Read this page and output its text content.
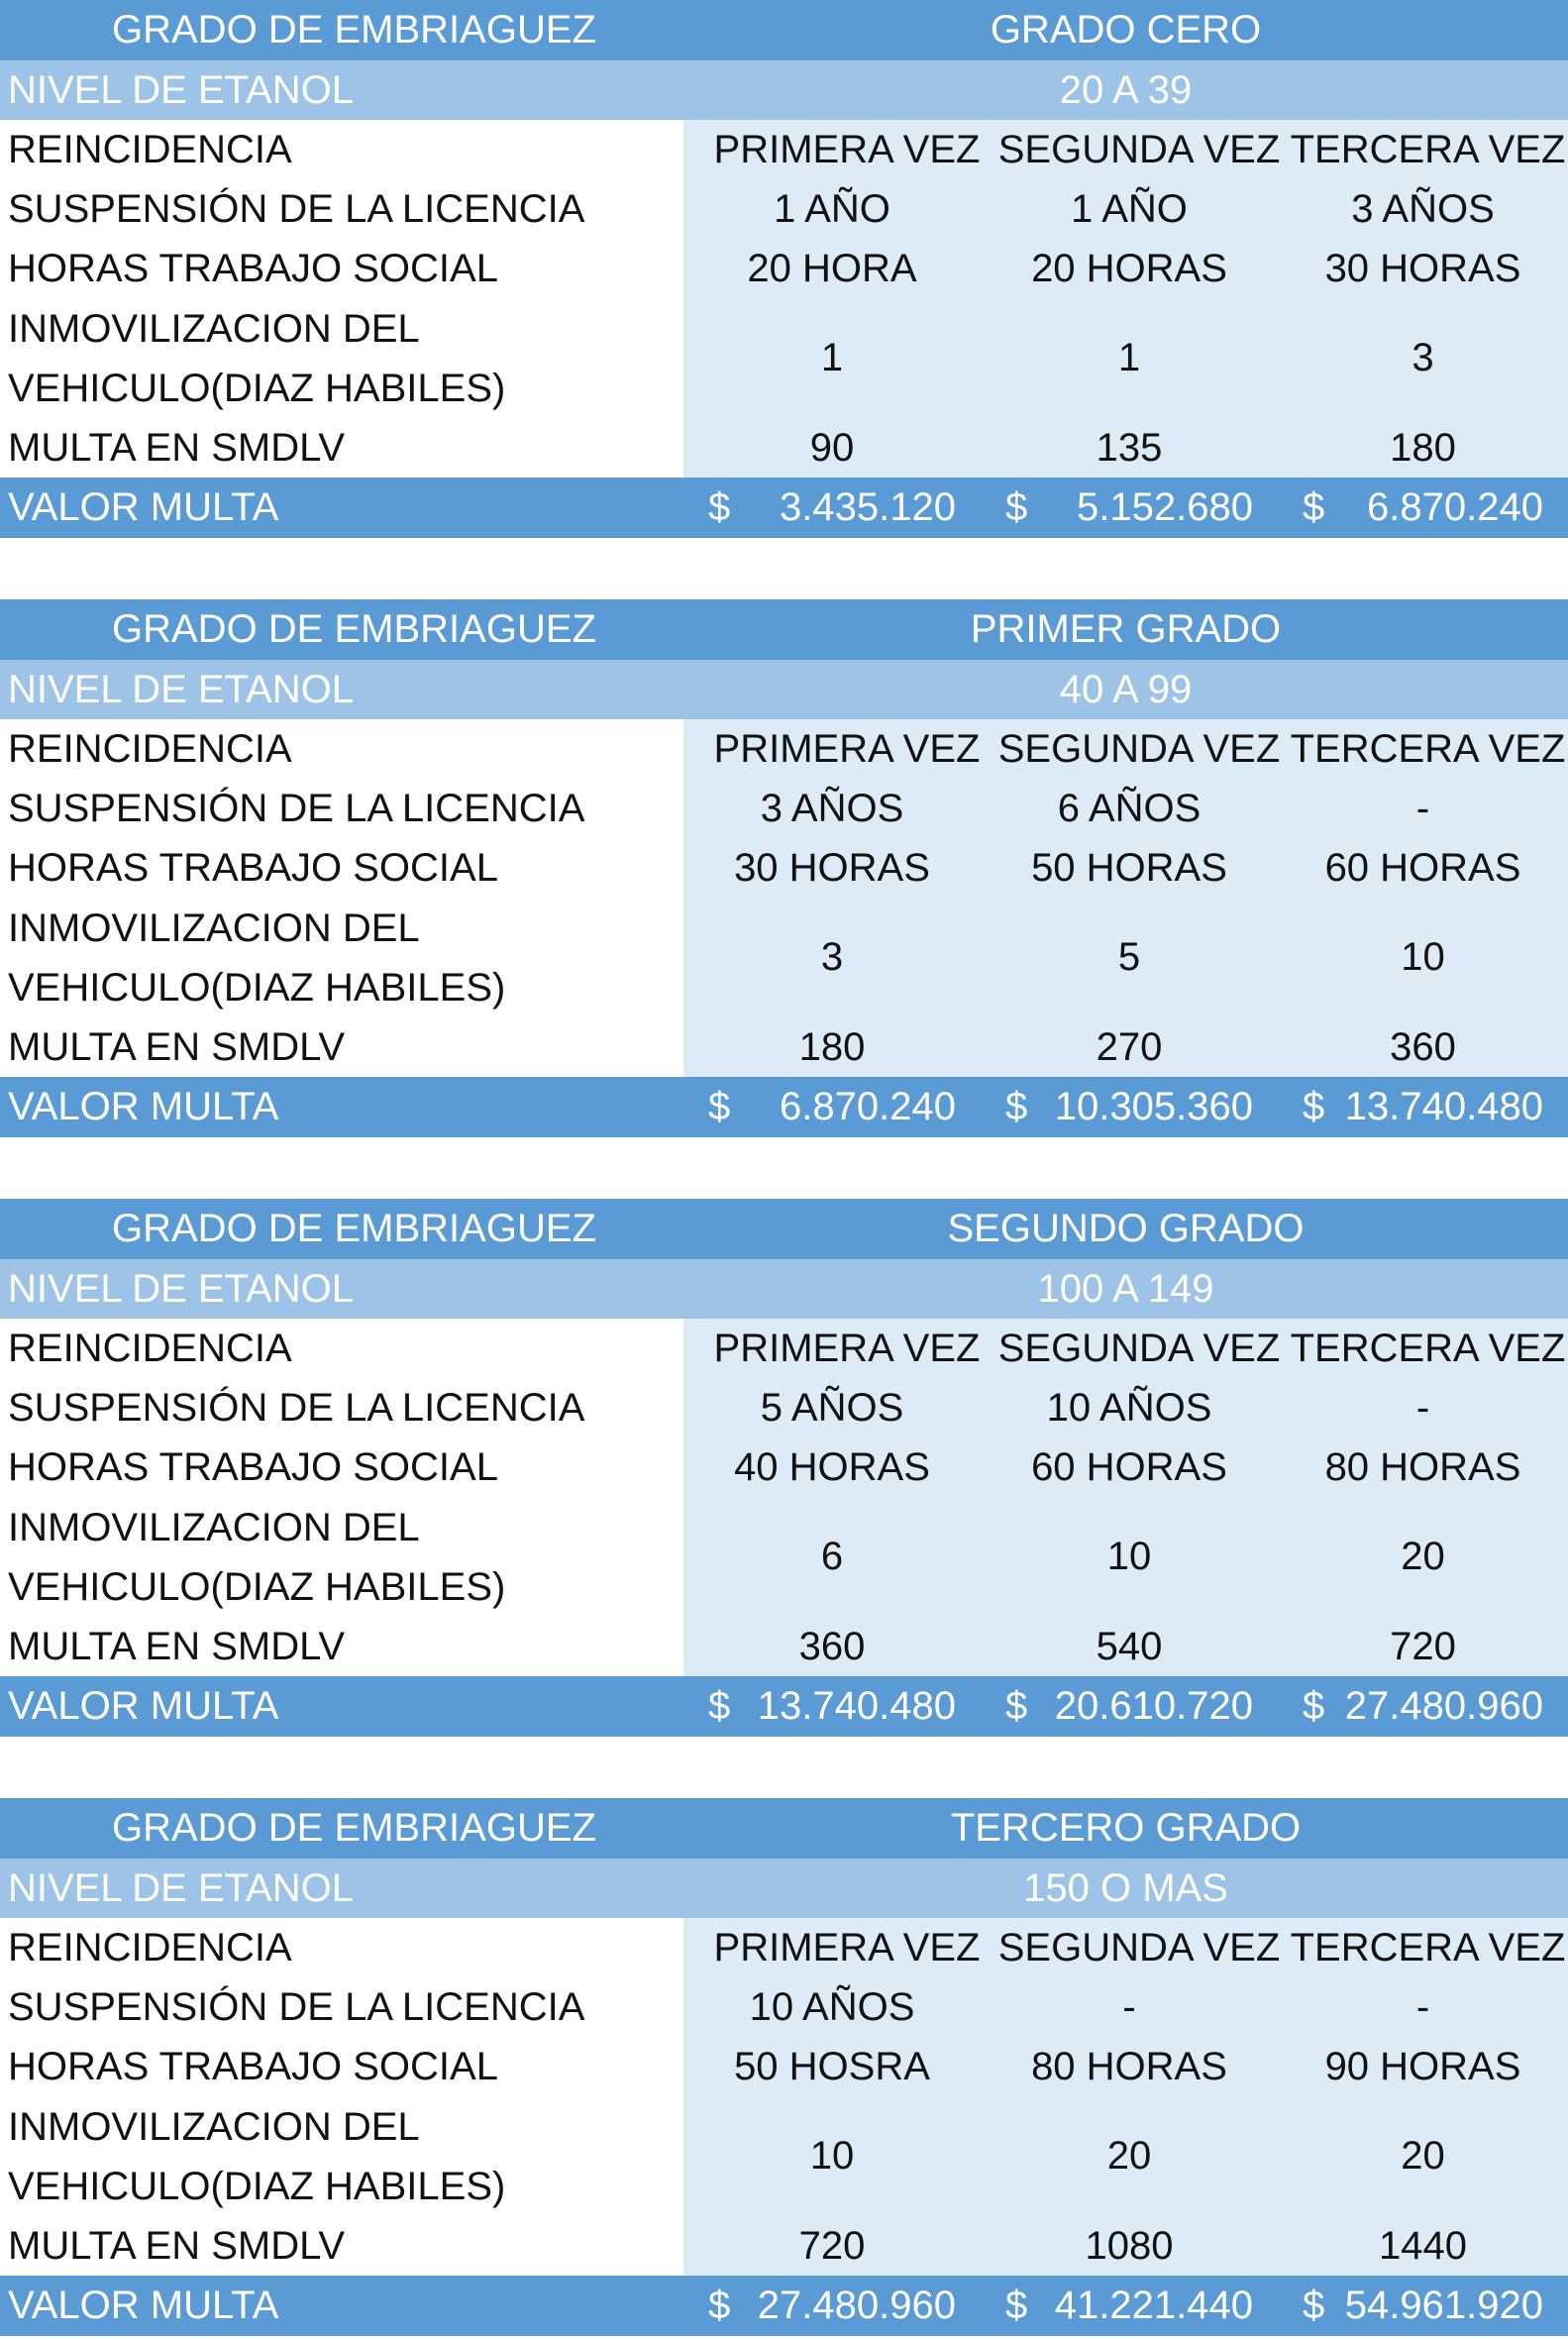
GRADO DE EMBRIAGUEZ	GRADO CERO
NIVEL DE ETANOL	20 A 39
REINCIDENCIA	PRIMERA VEZ SEGUNDA VEZ TERCERA VEZ
SUSPENSIÓN DE LA LICENCIA	1 AÑO	1 AÑO	3 AÑOS
HORAS TRABAJO SOCIAL	20 HORA	20 HORAS	30 HORAS
INMOVILIZACION DEL
VEHICULO(DIAZ HABILES)
1	1	3
MULTA EN SMDLV	90	135	180
VALOR MULTA	$ 3.435.120 $ 5.152.680 $ 6.870.240
GRADO DE EMBRIAGUEZ	PRIMER GRADO
NIVEL DE ETANOL	40 A 99
REINCIDENCIA	PRIMERA VEZ SEGUNDA VEZ TERCERA VEZ
SUSPENSIÓN DE LA LICENCIA	3 AÑOS	6 AÑOS	-
HORAS TRABAJO SOCIAL	30 HORAS	50 HORAS	60 HORAS
INMOVILIZACION DEL
VEHICULO(DIAZ HABILES)
3	5	10
MULTA EN SMDLV	180	270	360
VALOR MULTA	$ 6.870.240 $ 10.305.360 $ 13.740.480
GRADO DE EMBRIAGUEZ	SEGUNDO GRADO
NIVEL DE ETANOL	100 A 149
REINCIDENCIA	PRIMERA VEZ SEGUNDA VEZ TERCERA VEZ
SUSPENSIÓN DE LA LICENCIA	5 AÑOS	10 AÑOS	-
HORAS TRABAJO SOCIAL	40 HORAS	60 HORAS	80 HORAS
INMOVILIZACION DEL
VEHICULO(DIAZ HABILES)
6	10	20
MULTA EN SMDLV	360	540	720
VALOR MULTA	$ 13.740.480 $ 20.610.720 $ 27.480.960
GRADO DE EMBRIAGUEZ	TERCERO GRADO
NIVEL DE ETANOL	150 O MAS
REINCIDENCIA	PRIMERA VEZ SEGUNDA VEZ TERCERA VEZ
SUSPENSIÓN DE LA LICENCIA	10 AÑOS	-	-
HORAS TRABAJO SOCIAL	50 HOSRA	80 HORAS	90 HORAS
INMOVILIZACION DEL
VEHICULO(DIAZ HABILES)
10	20	20
MULTA EN SMDLV	720	1080	1440
VALOR MULTA	$ 27.480.960 $ 41.221.440 $ 54.961.920
